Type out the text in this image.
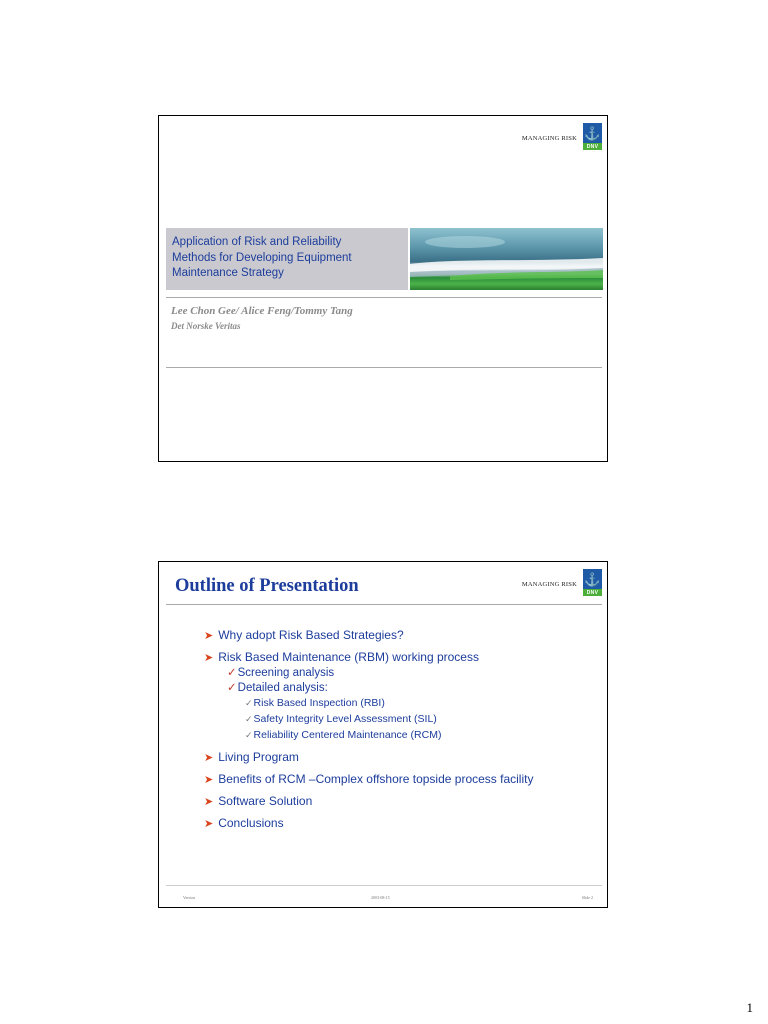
MANAGING RISK ⚓
DNV
Application of Risk and Reliability
Methods for Developing Equipment
Maintenance Strategy
Lee Chon Gee/ Alice Feng/Tommy Tang
Det Norske Veritas
Outline of Presentation	MANAGING RISK ⚓
DNV
➤ Why adopt Risk Based Strategies?
➤ Risk Based Maintenance (RBM) working process
✓Screening analysis
✓Detailed analysis:
✓Risk Based Inspection (RBI)
✓Safety Integrity Level Assessment (SIL)
✓Reliability Centered Maintenance (RCM)
➤ Living Program
➤ Benefits of RCM –Complex offshore topside process facility
➤ Software Solution
➤ Conclusions
Version	2003-08-15	Slide 2
1
